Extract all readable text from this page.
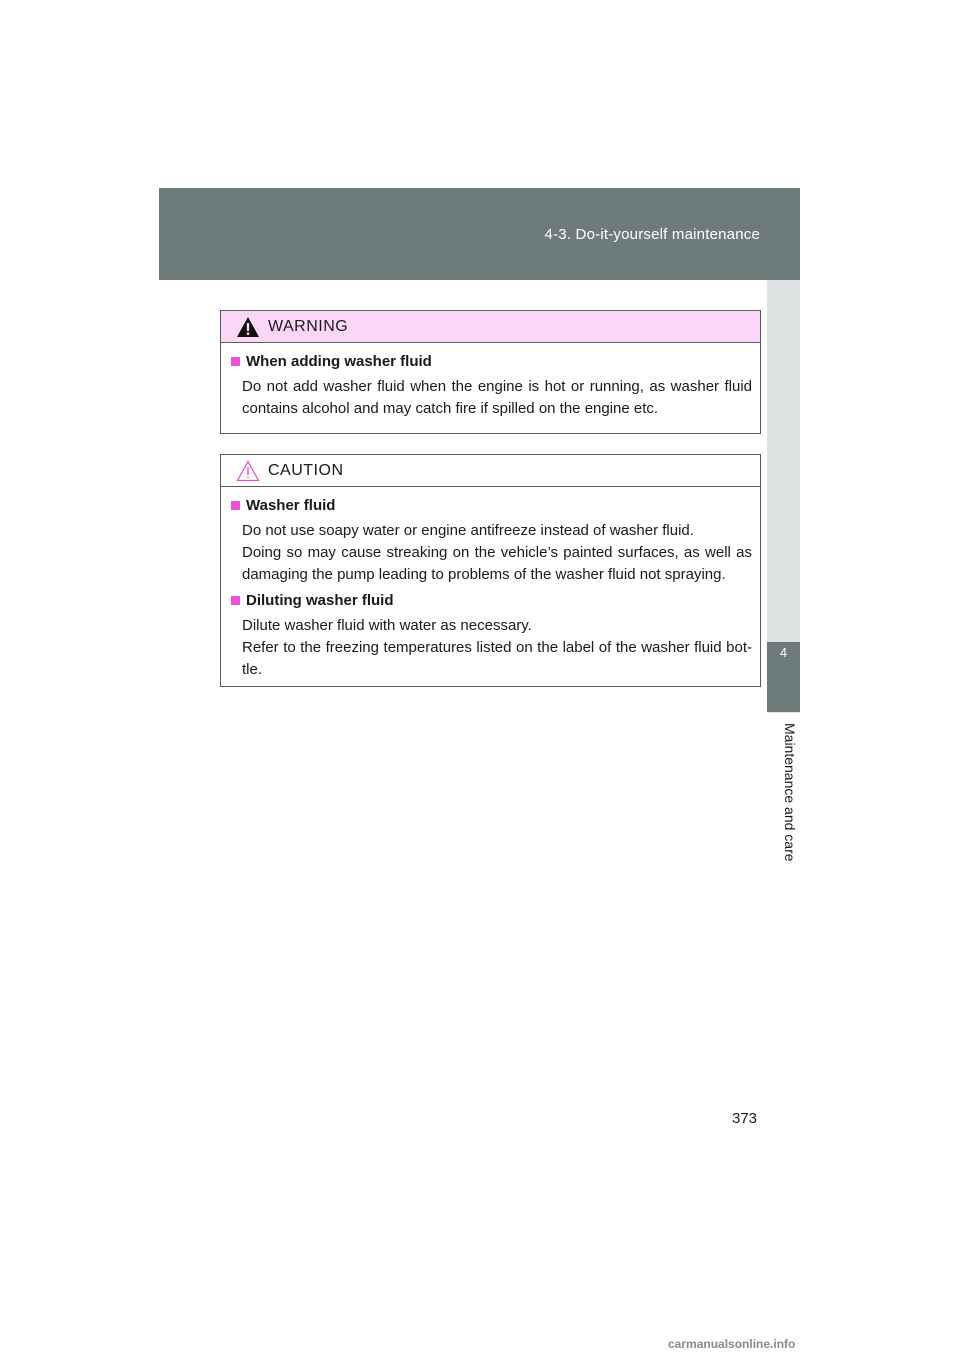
4-3. Do-it-yourself maintenance
4
Maintenance and care
WARNING
When adding washer fluid
Do not add washer fluid when the engine is hot or running, as washer fluid contains alcohol and may catch fire if spilled on the engine etc.
CAUTION
Washer fluid
Do not use soapy water or engine antifreeze instead of washer fluid.
Doing so may cause streaking on the vehicle’s painted surfaces, as well as damaging the pump leading to problems of the washer fluid not spraying.
Diluting washer fluid
Dilute washer fluid with water as necessary.
Refer to the freezing temperatures listed on the label of the washer fluid bot- tle.
373
carmanualsonline.info
